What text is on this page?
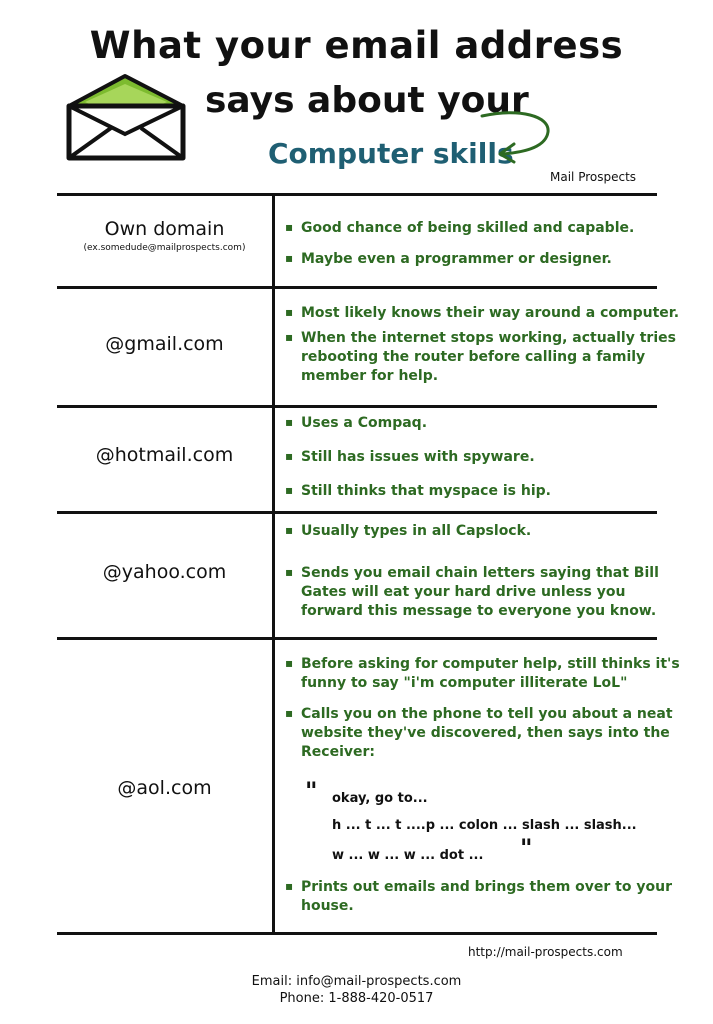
What your email address
says about your
Computer skills
Mail Prospects
Own domain
(ex.somedude@mailprospects.com)
▪ Good chance of being skilled and capable.
▪ Maybe even a programmer or designer.
@gmail.com
▪ Most likely knows their way around a computer.
▪ When the internet stops working, actually tries rebooting the router before calling a family member for help.
@hotmail.com
▪ Uses a Compaq.
▪ Still has issues with spyware.
▪ Still thinks that myspace is hip.
@yahoo.com
▪ Usually types in all Capslock.
▪ Sends you email chain letters saying that Bill Gates will eat your hard drive unless you forward this message to everyone you know.
@aol.com
▪ Before asking for computer help, still thinks it's funny to say "i'm computer illiterate LoL"
▪ Calls you on the phone to tell you about a neat website they've discovered, then says into the Receiver:
" okay, go to...
h ... t ... t ....p ... colon ... slash ... slash...
w ... w ... w ... dot ... "
▪ Prints out emails and brings them over to your house.
http://mail-prospects.com
Email: info@mail-prospects.com
Phone: 1-888-420-0517
